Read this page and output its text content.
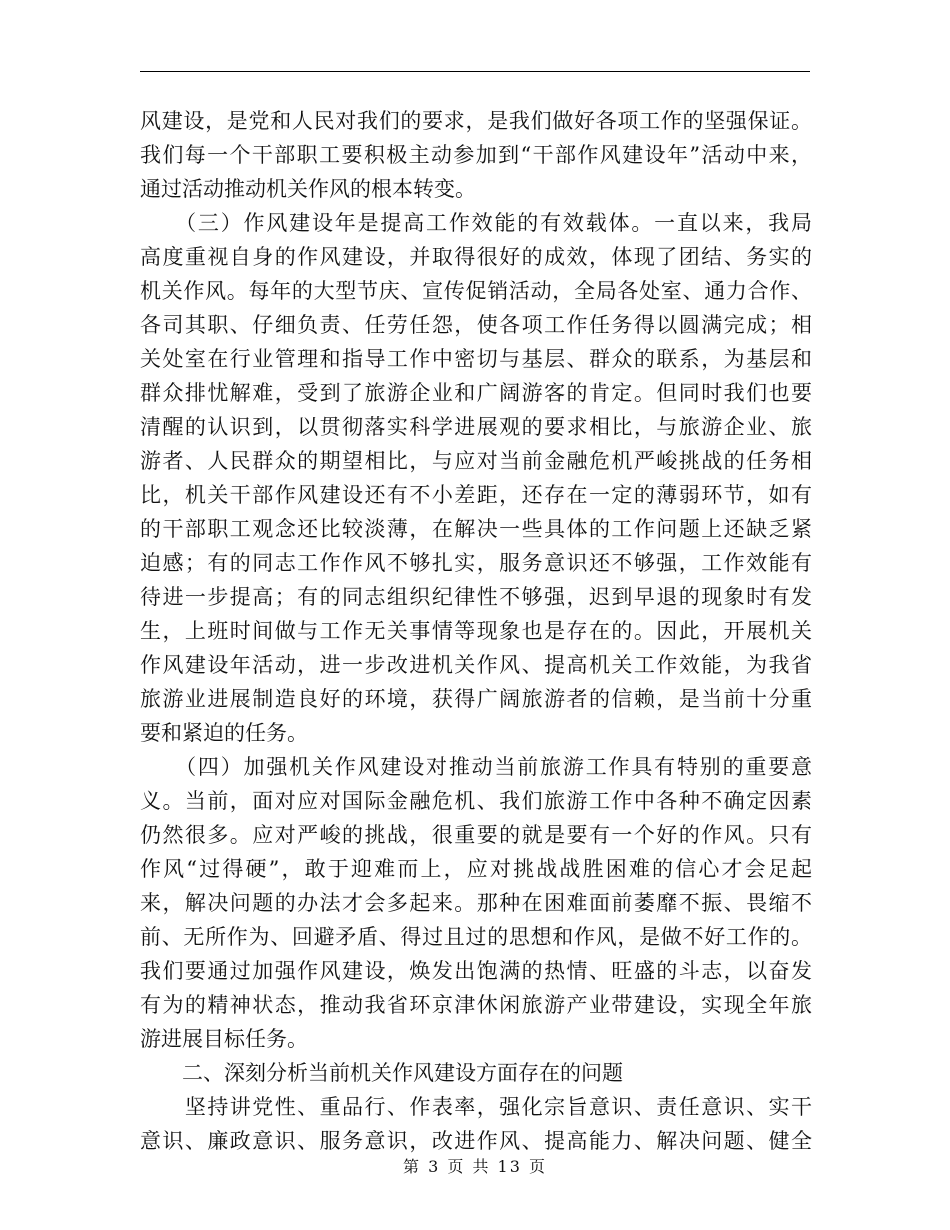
风建设，是党和人民对我们的要求，是我们做好各项工作的坚强保证。
我们每一个干部职工要积极主动参加到“干部作风建设年”活动中来，
通过活动推动机关作风的根本转变。
　　（三）作风建设年是提高工作效能的有效载体。一直以来，我局
高度重视自身的作风建设，并取得很好的成效，体现了团结、务实的
机关作风。每年的大型节庆、宣传促销活动，全局各处室、通力合作、
各司其职、仔细负责、任劳任怨，使各项工作任务得以圆满完成；相
关处室在行业管理和指导工作中密切与基层、群众的联系，为基层和
群众排忧解难，受到了旅游企业和广阔游客的肯定。但同时我们也要
清醒的认识到，以贯彻落实科学进展观的要求相比，与旅游企业、旅
游者、人民群众的期望相比，与应对当前金融危机严峻挑战的任务相
比，机关干部作风建设还有不小差距，还存在一定的薄弱环节，如有
的干部职工观念还比较淡薄，在解决一些具体的工作问题上还缺乏紧
迫感；有的同志工作作风不够扎实，服务意识还不够强，工作效能有
待进一步提高；有的同志组织纪律性不够强，迟到早退的现象时有发
生，上班时间做与工作无关事情等现象也是存在的。因此，开展机关
作风建设年活动，进一步改进机关作风、提高机关工作效能，为我省
旅游业进展制造良好的环境，获得广阔旅游者的信赖，是当前十分重
要和紧迫的任务。
　　（四）加强机关作风建设对推动当前旅游工作具有特别的重要意
义。当前，面对应对国际金融危机、我们旅游工作中各种不确定因素
仍然很多。应对严峻的挑战，很重要的就是要有一个好的作风。只有
作风“过得硬”，敢于迎难而上，应对挑战战胜困难的信心才会足起
来，解决问题的办法才会多起来。那种在困难面前萎靡不振、畏缩不
前、无所作为、回避矛盾、得过且过的思想和作风，是做不好工作的。
我们要通过加强作风建设，焕发出饱满的热情、旺盛的斗志，以奋发
有为的精神状态，推动我省环京津休闲旅游产业带建设，实现全年旅
游进展目标任务。
　　二、深刻分析当前机关作风建设方面存在的问题
　　坚持讲党性、重品行、作表率，强化宗旨意识、责任意识、实干
意识、廉政意识、服务意识，改进作风、提高能力、解决问题、健全
第 3 页 共 13 页
